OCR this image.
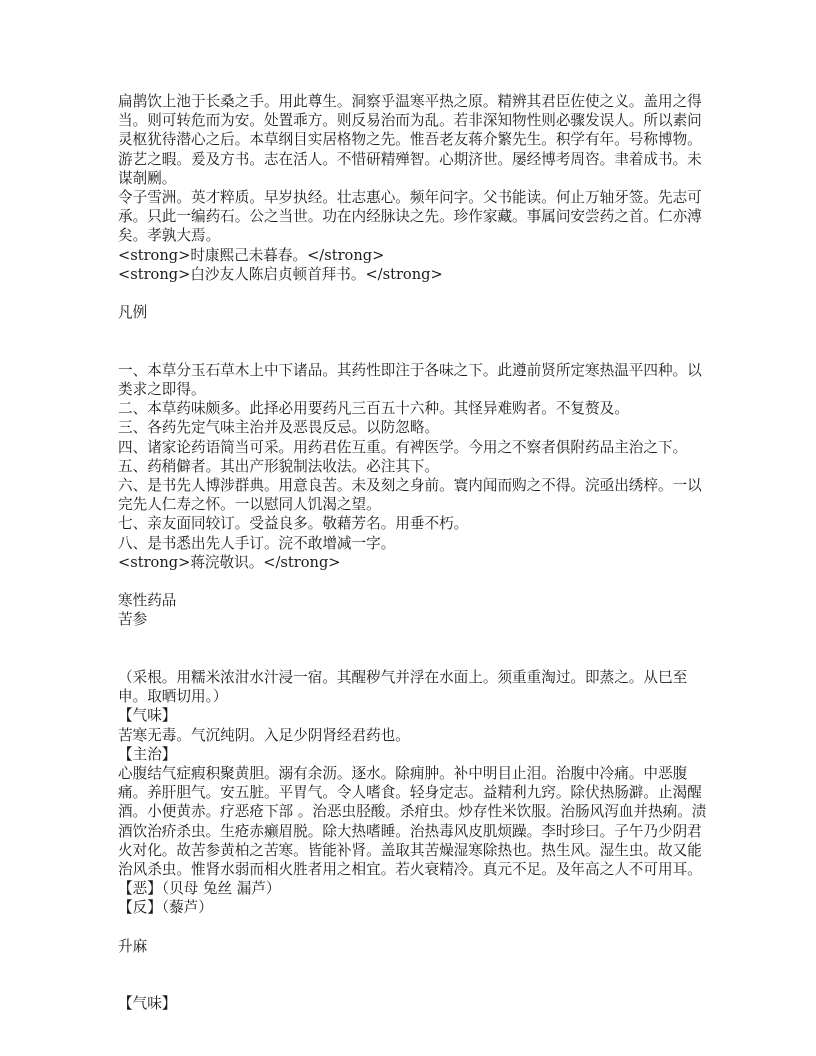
扁鹊饮上池于长桑之手。用此尊生。洞察乎温寒平热之原。精辨其君臣佐使之义。盖用之得当。则可转危而为安。处置乖方。则反易治而为乱。若非深知物性则必骤发误人。所以素问灵枢犹待潜心之后。本草纲目实居格物之先。惟吾老友蒋介繁先生。积学有年。号称博物。游艺之暇。爰及方书。志在活人。不惜研精殚智。心期济世。屡经博考周咨。聿着成书。未谋剞劂。

令子雪洲。英才粹质。早岁执经。壮志惠心。频年问字。父书能读。何止万轴牙签。先志可承。只此一编药石。公之当世。功在内经脉诀之先。珍作家藏。事属问安尝药之首。仁亦溥矣。孝孰大焉。

<strong>时康熙己未暮春。</strong>

<strong>白沙友人陈启贞顿首拜书。</strong>

凡例

一、本草分玉石草木上中下诸品。其药性即注于各味之下。此遵前贤所定寒热温平四种。以类求之即得。

二、本草药味颇多。此择必用要药凡三百五十六种。其怪异难购者。不复赘及。

三、各药先定气味主治并及恶畏反忌。以防忽略。

四、诸家论药语简当可采。用药君佐互重。有裨医学。今用之不察者俱附药品主治之下。

五、药稍僻者。其出产形貌制法收法。必注其下。

六、是书先人博涉群典。用意良苦。未及刻之身前。寰内闻而购之不得。浣亟出绣梓。一以完先人仁寿之怀。一以慰同人饥渴之望。

七、亲友面同较订。受益良多。敬藉芳名。用垂不朽。

八、是书悉出先人手订。浣不敢增减一字。

<strong>蒋浣敬识。</strong>

寒性药品

苦参

（采根。用糯米浓泔水汁浸一宿。其醒秽气并浮在水面上。须重重淘过。即蒸之。从巳至申。取晒切用。）

【气味】

苦寒无毒。气沉纯阴。入足少阴肾经君药也。

【主治】

心腹结气症瘕积聚黄胆。溺有余沥。逐水。除痈肿。补中明目止泪。治腹中冷痛。中恶腹痛。养肝胆气。安五脏。平胃气。令人嗜食。轻身定志。益精利九窍。除伏热肠澼。止渴醒酒。小便黄赤。疗恶疮下部 。治恶虫胫酸。杀疳虫。炒存性米饮服。治肠风泻血并热痢。渍酒饮治疥杀虫。生疮赤癞眉脱。除大热嗜睡。治热毒风皮肌烦躁。李时珍曰。子午乃少阴君火对化。故苦参黄柏之苦寒。皆能补肾。盖取其苦燥湿寒除热也。热生风。湿生虫。故又能治风杀虫。惟肾水弱而相火胜者用之相宜。若火衰精冷。真元不足。及年高之人不可用耳。

【恶】（贝母 兔丝 漏芦）

【反】（藜芦）

升麻

【气味】
